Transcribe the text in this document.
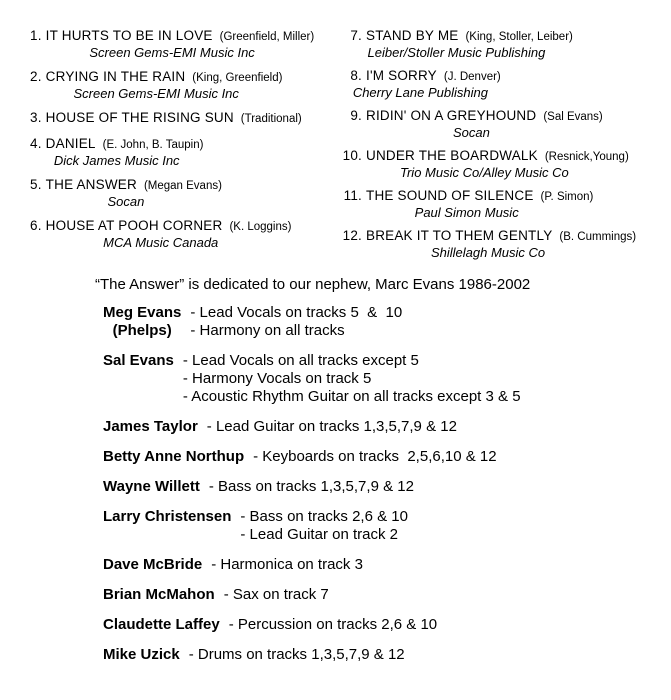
1. IT HURTS TO BE IN LOVE (Greenfield, Miller)
Screen Gems-EMI Music Inc
2. CRYING IN THE RAIN (King, Greenfield)
Screen Gems-EMI Music Inc
3. HOUSE OF THE RISING SUN (Traditional)
4. DANIEL (E. John, B. Taupin)
Dick James Music Inc
5. THE ANSWER (Megan Evans)
Socan
6. HOUSE AT POOH CORNER (K. Loggins)
MCA Music Canada
7. STAND BY ME (King, Stoller, Leiber)
Leiber/Stoller Music Publishing
8. I'M SORRY (J. Denver)
Cherry Lane Publishing
9. RIDIN' ON A GREYHOUND (Sal Evans)
Socan
10. UNDER THE BOARDWALK (Resnick,Young)
Trio Music Co/Alley Music Co
11. THE SOUND OF SILENCE (P. Simon)
Paul Simon Music
12. BREAK IT TO THEM GENTLY (B. Cummings)
Shillelagh Music Co
“The Answer” is dedicated to our nephew, Marc Evans 1986-2002
Meg Evans
(Phelps)
- Lead Vocals on tracks 5  &  10
- Harmony on all tracks
Sal Evans - Lead Vocals on all tracks except 5
- Harmony Vocals on track 5
- Acoustic Rhythm Guitar on all tracks except 3 & 5
James Taylor - Lead Guitar on tracks 1,3,5,7,9 & 12
Betty Anne Northup - Keyboards on tracks  2,5,6,10 & 12
Wayne Willett - Bass on tracks 1,3,5,7,9 & 12
Larry Christensen - Bass on tracks 2,6 & 10
- Lead Guitar on track 2
Dave McBride - Harmonica on track 3
Brian McMahon - Sax on track 7
Claudette Laffey - Percussion on tracks 2,6 & 10
Mike Uzick - Drums on tracks 1,3,5,7,9 & 12
